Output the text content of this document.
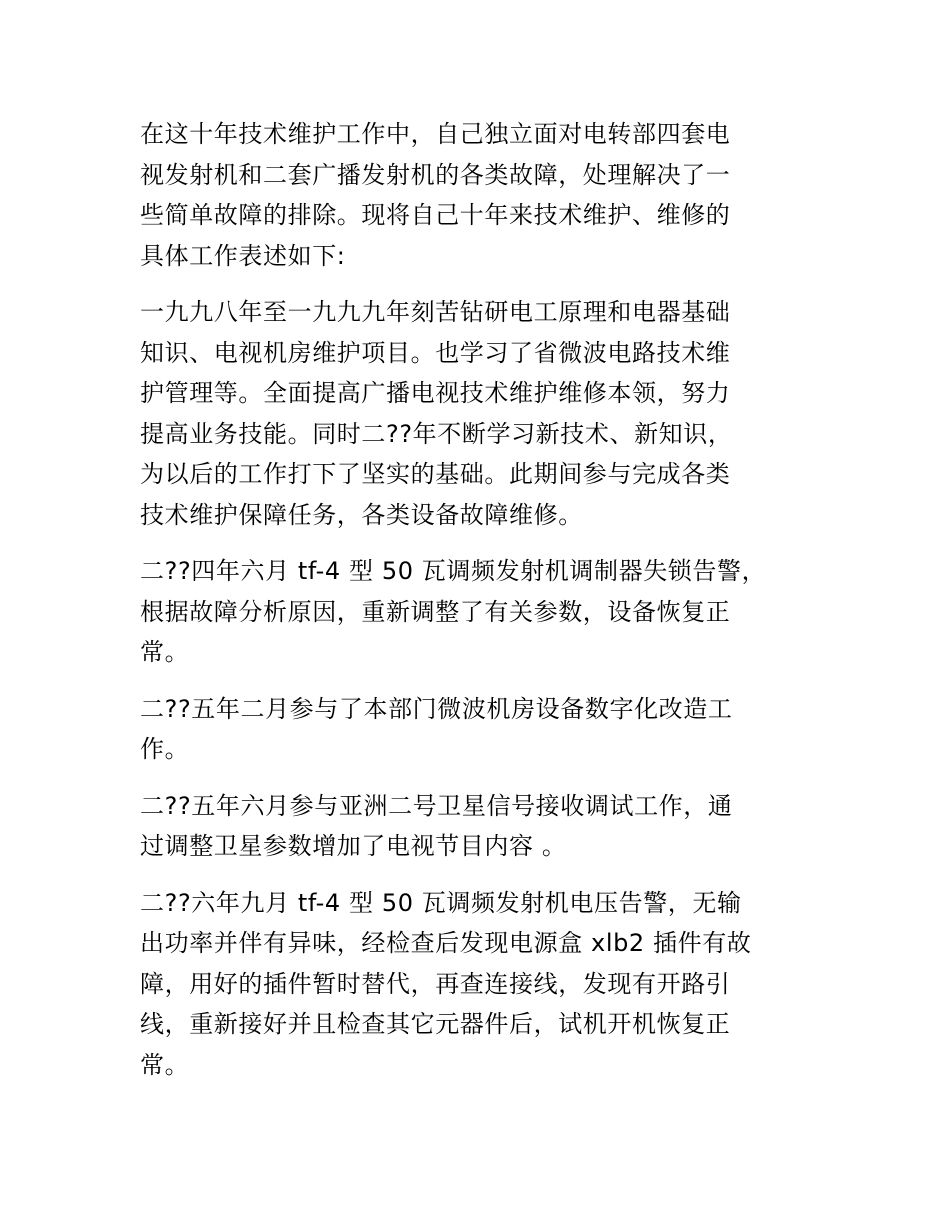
在这十年技术维护工作中，自己独立面对电转部四套电
视发射机和二套广播发射机的各类故障，处理解决了一
些简单故障的排除。现将自己十年来技术维护、维修的
具体工作表述如下:

一九九八年至一九九九年刻苦钻研电工原理和电器基础
知识、电视机房维护项目。也学习了省微波电路技术维
护管理等。全面提高广播电视技术维护维修本领，努力
提高业务技能。同时二??年不断学习新技术、新知识，
为以后的工作打下了坚实的基础。此期间参与完成各类
技术维护保障任务，各类设备故障维修。

二??四年六月 tf-4 型 50 瓦调频发射机调制器失锁告警，
根据故障分析原因，重新调整了有关参数，设备恢复正
常。

二??五年二月参与了本部门微波机房设备数字化改造工
作。

二??五年六月参与亚洲二号卫星信号接收调试工作，通
过调整卫星参数增加了电视节目内容 。

二??六年九月 tf-4 型 50 瓦调频发射机电压告警，无输
出功率并伴有异味，经检查后发现电源盒 xlb2 插件有故
障，用好的插件暂时替代，再查连接线，发现有开路引
线，重新接好并且检查其它元器件后，试机开机恢复正
常。
